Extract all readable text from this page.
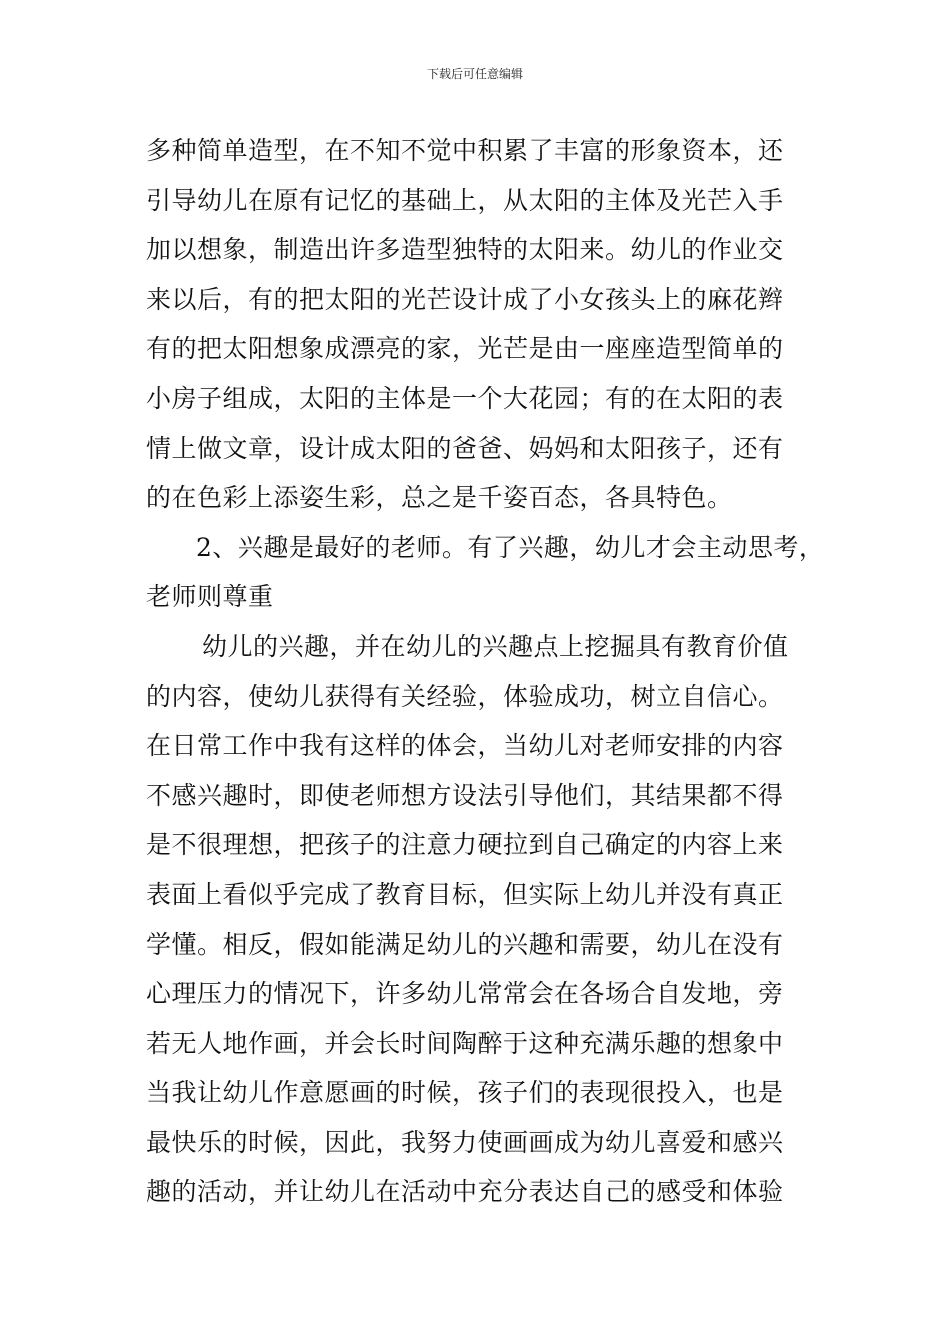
下载后可任意编辑
多种简单造型，在不知不觉中积累了丰富的形象资本，还
引导幼儿在原有记忆的基础上，从太阳的主体及光芒入手
加以想象，制造出许多造型独特的太阳来。幼儿的作业交
来以后，有的把太阳的光芒设计成了小女孩头上的麻花辫
有的把太阳想象成漂亮的家，光芒是由一座座造型简单的
小房子组成，太阳的主体是一个大花园；有的在太阳的表
情上做文章，设计成太阳的爸爸、妈妈和太阳孩子，还有
的在色彩上添姿生彩，总之是千姿百态，各具特色。
2、兴趣是最好的老师。有了兴趣，幼儿才会主动思考，
老师则尊重
幼儿的兴趣，并在幼儿的兴趣点上挖掘具有教育价值
的内容，使幼儿获得有关经验，体验成功，树立自信心。
在日常工作中我有这样的体会，当幼儿对老师安排的内容
不感兴趣时，即使老师想方设法引导他们，其结果都不得
是不很理想，把孩子的注意力硬拉到自己确定的内容上来
表面上看似乎完成了教育目标，但实际上幼儿并没有真正
学懂。相反，假如能满足幼儿的兴趣和需要，幼儿在没有
心理压力的情况下，许多幼儿常常会在各场合自发地，旁
若无人地作画，并会长时间陶醉于这种充满乐趣的想象中
当我让幼儿作意愿画的时候，孩子们的表现很投入，也是
最快乐的时候，因此，我努力使画画成为幼儿喜爱和感兴
趣的活动，并让幼儿在活动中充分表达自己的感受和体验
